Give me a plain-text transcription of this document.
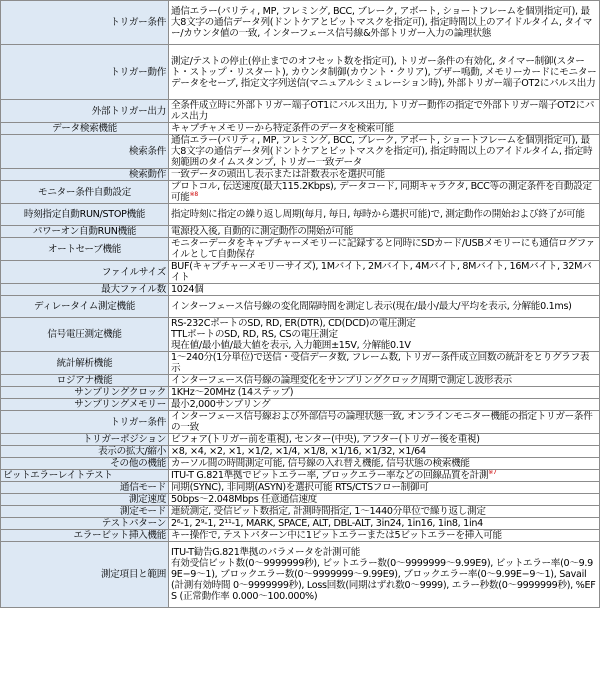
トリガー条件	通信エラー(パリティ, MP, フレミング, BCC, ブレーク, アボート, ショートフレームを個別指定可), 最大8文字の通信データ列(ドントケアとビットマスクを指定可), 指定時間以上のアイドルタイム, タイマー/カウンタ値の一致, インターフェース信号線&外部トリガー入力の論理状態
トリガー動作	測定/テストの停止(停止までのオフセット数を指定可), トリガー条件の有効化, タイマー制御(スタート・ストップ・リスタート), カウンタ制御(カウント・クリア), ブザー鳴動, メモリーカードにモニターデータをセーブ, 指定文字列送信(マニュアルシミュレーション時), 外部トリガー端子OT2にパルス出力
外部トリガー出力	全条件成立時に外部トリガー端子OT1にパルス出力, トリガー動作の指定で外部トリガー端子OT2にパルス出力
データ検索機能	キャプチャメモリーから特定条件のデータを検索可能
検索条件	通信エラー(パリティ, MP, フレミング, BCC, ブレーク, アボート, ショートフレームを個別指定可), 最大8文字の通信データ列(ドントケアとビットマスクを指定可), 指定時間以上のアイドルタイム, 指定時刻範囲のタイムスタンプ, トリガー一致データ
検索動作	一致データの頭出し表示または計数表示を選択可能
モニター条件自動設定	プロトコル, 伝送速度(最大115.2Kbps), データコード, 同期キャラクタ, BCC等の測定条件を自動設定可能$^{※8}$
時刻指定自動RUN/STOP機能	指定時刻に指定の繰り返し周期(毎月, 毎日, 毎時から選択可能)で, 測定動作の開始および終了が可能
パワーオン自動RUN機能	電源投入後, 自動的に測定動作の開始が可能
オートセーブ機能	モニターデータをキャプチャーメモリーに記録すると同時にSDカード/USBメモリーにも通信ログファイルとして自動保存
ファイルサイズ	BUF(キャプチャーメモリーサイズ), 1Mバイト, 2Mバイト, 4Mバイト, 8Mバイト, 16Mバイト, 32Mバイト
最大ファイル数	1024個
ディレータイム測定機能	インターフェース信号線の変化間隔時間を測定し表示(現在/最小/最大/平均を表示, 分解能0.1ms)
信号電圧測定機能	RS-232CポートのSD, RD, ER(DTR), CD(DCD)の電圧測定
TTLポートのSD, RD, RS, CSの電圧測定
現在値/最小値/最大値を表示, 入力範囲±15V, 分解能0.1V
統計解析機能	1〜240分(1分単位)で送信・受信データ数, フレーム数, トリガー条件成立回数の統計をとりグラフ表示
ロジアナ機能	インターフェース信号線の論理変化をサンプリングクロック周期で測定し波形表示
サンプリングクロック	1KHz〜20MHz (14ステップ)
サンプリングメモリー	最小2,000サンプリング
トリガー条件	インターフェース信号線および外部信号の論理状態一致, オンラインモニター機能の指定トリガー条件の一致
トリガーポジション	ビフォア(トリガー前を重視), センター(中央), アフター(トリガー後を重視)
表示の拡大/縮小	×8, ×4, ×2, ×1, ×1/2, ×1/4, ×1/8, ×1/16, ×1/32, ×1/64
その他の機能	カーソル間の時間測定可能, 信号線の入れ替え機能, 信号状態の検索機能
ビットエラーレイトテスト	ITU-T G.821準拠でビットエラー率, ブロックエラー率などの回線品質を計測$^{※7}$
通信モード	同期(SYNC), 非同期(ASYN)を選択可能 RTS/CTSフロー制御可
測定速度	50bps〜2.048Mbps 任意通信速度
測定モード	連続測定, 受信ビット数指定, 計測時間指定, 1〜1440分単位で繰り返し測定
テストパターン	2⁶-1, 2⁹-1, 2¹¹-1, MARK, SPACE, ALT, DBL-ALT, 3in24, 1in16, 1in8, 1in4
エラービット挿入機能	キー操作で, テストパターン中に1ビットエラーまたは5ビットエラーを挿入可能
測定項目と範囲	ITU-T勧告G.821準拠のパラメータを計測可能
有効受信ビット数(0〜9999999秒), ビットエラー数(0〜9999999〜9.99E9), ビットエラー率(0〜9.99E−9〜1), ブロックエラー数(0〜9999999〜9.99E9), ブロックエラー率(0〜9.99E−9〜1), Savail(計測有効時間 0〜9999999秒), Loss回数(同期はずれ数0〜9999), エラー秒数(0〜9999999秒), %EFS (正常動作率 0.000〜100.000%)
